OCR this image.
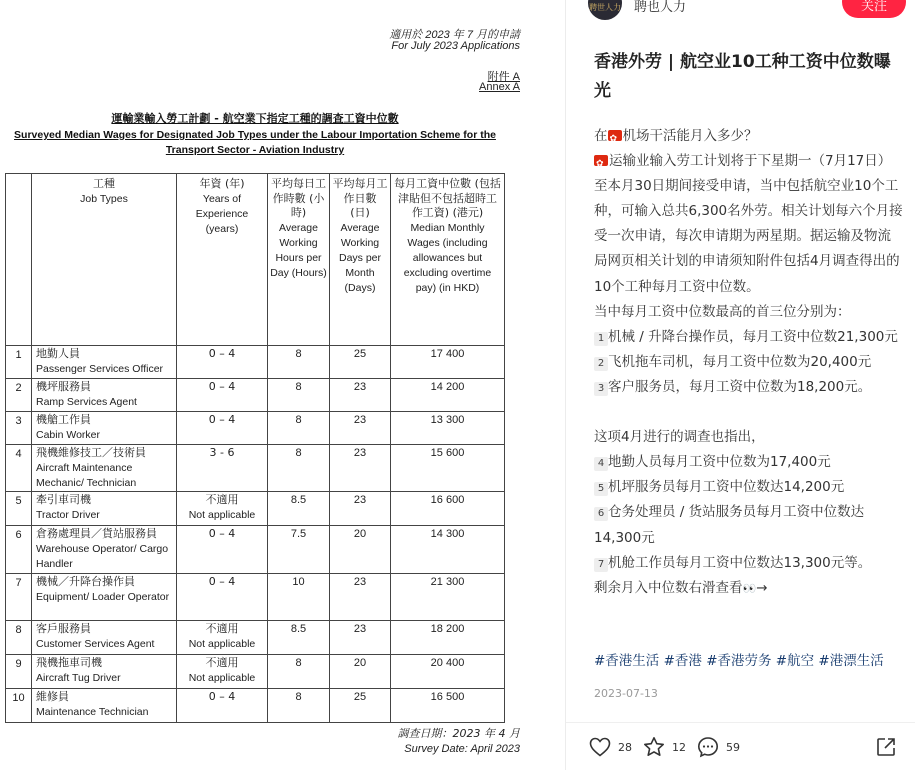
適用於 2023 年 7 月的申請
For July 2023 Applications
附件 A
Annex A
運輸業輸入勞工計劃 - 航空業下指定工種的調查工資中位數
Surveyed Median Wages for Designated Job Types under the Labour Importation Scheme for the
Transport Sector - Aviation Industry

	工種
Job Types	年資 (年)
Years of Experience (years)	平均每日工作時數 (小時)
Average Working Hours per Day (Hours)	平均每月工作日數 (日)
Average Working Days per Month (Days)	每月工資中位數 (包括津貼但不包括超時工作工資) (港元)
Median Monthly Wages (including allowances but excluding overtime pay) (in HKD)

1	地勤人員
Passenger Services Officer	0 – 4	8	25	17 400
2	機坪服務員
Ramp Services Agent	0 – 4	8	23	14 200
3	機艙工作員
Cabin Worker	0 – 4	8	23	13 300
4	飛機維修技工／技術員
Aircraft Maintenance Mechanic/ Technician	3 - 6	8	23	15 600
5	牽引車司機
Tractor Driver	不適用
Not applicable	8.5	23	16 600
6	倉務處理員／貨站服務員
Warehouse Operator/ Cargo Handler	0 – 4	7.5	20	14 300
7	機械／升降台操作員
Equipment/ Loader Operator	0 – 4	10	23	21 300
8	客戶服務員
Customer Services Agent	不適用
Not applicable	8.5	23	18 200
9	飛機拖車司機
Aircraft Tug Driver	不適用
Not applicable	8	20	20 400
10	維修員
Maintenance Technician	0 – 4	8	25	16 500
調查日期：2023 年 4 月
Survey Date: April 2023
聘世人力 聘也人力	关注
香港外劳 | 航空业10工种工资中位数曝光

在 ✿ 机场干活能月入多少？

✿运输业输入劳工计划将于下星期一（7月17日）至本月30日期间接受申请，当中包括航空业10个工种，可输入总共6,300名外劳。相关计划每六个月接受一次申请，每次申请期为两星期。据运输及物流局网页相关计划的申请须知附件包括4月调查得出的10个工种每月工资中位数。

当中每月工资中位数最高的首三位分别为：

1 机械 / 升降台操作员，每月工资中位数21,300元

2 飞机拖车司机，每月工资中位数为20,400元

3 客户服务员，每月工资中位数为18,200元。

这项4月进行的调查也指出，

4 地勤人员每月工资中位数为17,400元

5 机坪服务员每月工资中位数达14,200元

6 仓务处理员 / 货站服务员每月工资中位数达14,300元

7 机舱工作员每月工资中位数达13,300元等。

剩余月入中位数右滑查看👀→

#香港生活 #香港 #香港劳务 #航空 #港漂生活
2023-07-13
28	12	59
